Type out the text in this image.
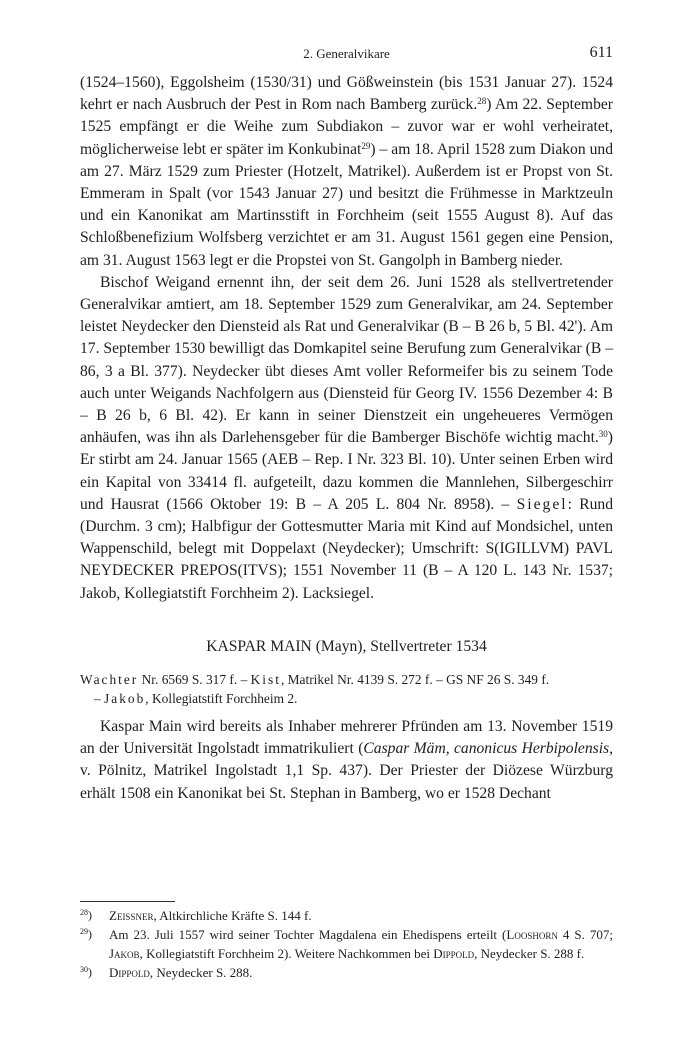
2. Generalvikare	611

(1524–1560), Eggolsheim (1530/31) und Gößweinstein (bis 1531 Januar 27). 1524 kehrt er nach Ausbruch der Pest in Rom nach Bamberg zurück.$^{28}$) Am 22. September 1525 empfängt er die Weihe zum Subdiakon – zuvor war er wohl verheiratet, möglicherweise lebt er später im Konkubinat$^{29}$) – am 18. April 1528 zum Diakon und am 27. März 1529 zum Priester (Hotzelt, Matrikel). Außerdem ist er Propst von St. Emmeram in Spalt (vor 1543 Januar 27) und besitzt die Frühmesse in Marktzeuln und ein Kanonikat am Martinsstift in Forchheim (seit 1555 August 8). Auf das Schloßbenefizium Wolfsberg verzichtet er am 31. August 1561 gegen eine Pension, am 31. August 1563 legt er die Propstei von St. Gangolph in Bamberg nieder.

Bischof Weigand ernennt ihn, der seit dem 26. Juni 1528 als stellvertretender Generalvikar amtiert, am 18. September 1529 zum Generalvikar, am 24. September leistet Neydecker den Diensteid als Rat und Generalvikar (B – B 26 b, 5 Bl. 42'). Am 17. September 1530 bewilligt das Domkapitel seine Berufung zum Generalvikar (B – 86, 3 a Bl. 377). Neydecker übt dieses Amt voller Reformeifer bis zu seinem Tode auch unter Weigands Nachfolgern aus (Diensteid für Georg IV. 1556 Dezember 4: B – B 26 b, 6 Bl. 42). Er kann in seiner Dienstzeit ein ungeheueres Vermögen anhäufen, was ihn als Darlehensgeber für die Bamberger Bischöfe wichtig macht.$^{30}$) Er stirbt am 24. Januar 1565 (AEB – Rep. I Nr. 323 Bl. 10). Unter seinen Erben wird ein Kapital von 33414 fl. aufgeteilt, dazu kommen die Mannlehen, Silbergeschirr und Hausrat (1566 Oktober 19: B – A 205 L. 804 Nr. 8958). – Siegel: Rund (Durchm. 3 cm); Halbfigur der Gottesmutter Maria mit Kind auf Mondsichel, unten Wappenschild, belegt mit Doppelaxt (Neydecker); Umschrift: S(IGILLVM) PAVL NEYDECKER PREPOS(ITVS); 1551 November 11 (B – A 120 L. 143 Nr. 1537; Jakob, Kollegiatstift Forchheim 2). Lacksiegel.

KASPAR MAIN (Mayn), Stellvertreter 1534
Wachter Nr. 6569 S. 317 f. – Kist, Matrikel Nr. 4139 S. 272 f. – GS NF 26 S. 349 f.
– Jakob, Kollegiatstift Forchheim 2.

Kaspar Main wird bereits als Inhaber mehrerer Pfründen am 13. November 1519 an der Universität Ingolstadt immatrikuliert (Caspar Mäm, canonicus Herbipolensis, v. Pölnitz, Matrikel Ingolstadt 1,1 Sp. 437). Der Priester der Diözese Würzburg erhält 1508 ein Kanonikat bei St. Stephan in Bamberg, wo er 1528 Dechant

$^{28}$) Zeissner, Altkirchliche Kräfte S. 144 f.
$^{29}$) Am 23. Juli 1557 wird seiner Tochter Magdalena ein Ehedispens erteilt (Looshorn 4 S. 707; Jakob, Kollegiatstift Forchheim 2). Weitere Nachkommen bei Dippold, Neydecker S. 288 f.
$^{30}$) Dippold, Neydecker S. 288.
